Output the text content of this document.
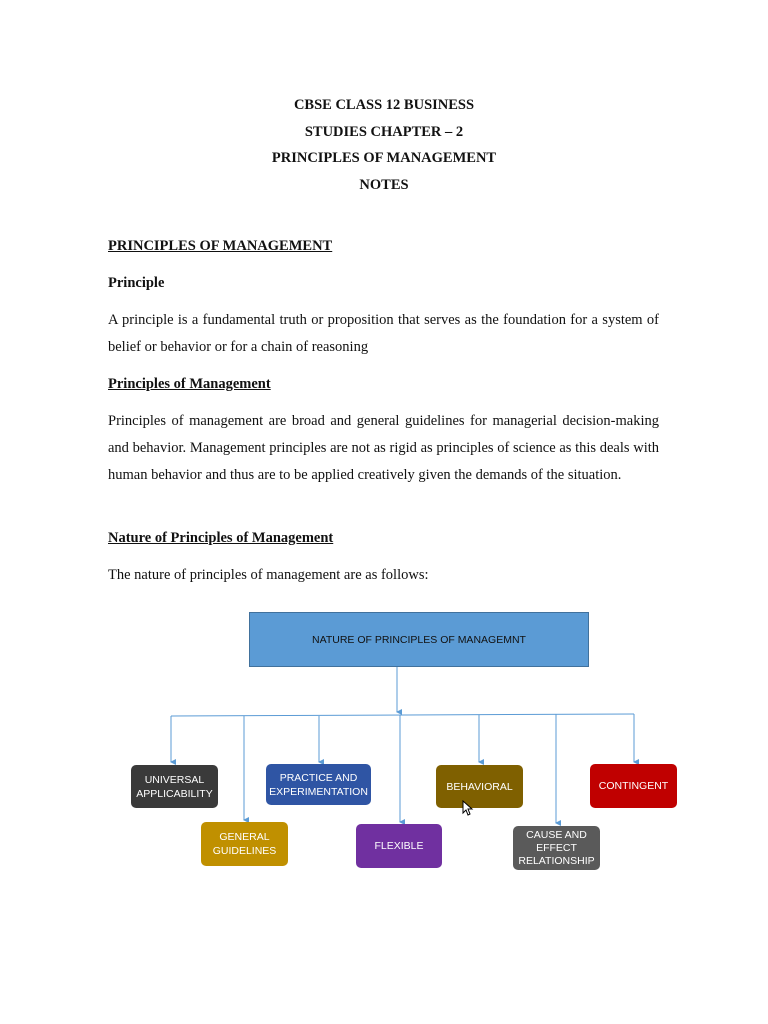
CBSE CLASS 12 BUSINESS
STUDIES CHAPTER – 2
PRINCIPLES OF MANAGEMENT
NOTES
PRINCIPLES OF MANAGEMENT
Principle

A principle is a fundamental truth or proposition that serves as the foundation for a system of belief or behavior or for a chain of reasoning

Principles of Management

Principles of management are broad and general guidelines for managerial decision-making and behavior. Management principles are not as rigid as principles of science as this deals with human behavior and thus are to be applied creatively given the demands of the situation.

Nature of Principles of Management

The nature of principles of management are as follows:

NATURE OF PRINCIPLES OF MANAGEMNT
UNIVERSAL
APPLICABILITY
GENERAL
GUIDELINES
PRACTICE AND
EXPERIMENTATION
FLEXIBLE
BEHAVIORAL
CAUSE AND
EFFECT
RELATIONSHIP
CONTINGENT
